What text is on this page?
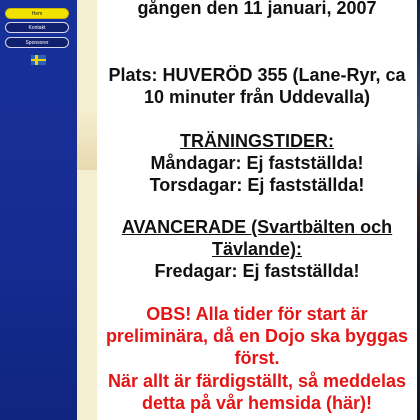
Hem
Kontakt
Sponsorer
gången den 11 januari, 2007
Plats: HUVERÖD 355 (Lane-Ryr, ca
10 minuter från Uddevalla)
TRÄNINGSTIDER:
Måndagar: Ej fastställda!
Torsdagar: Ej fastställda!
AVANCERADE (Svartbälten och
Tävlande):
Fredagar: Ej fastställda!
OBS! Alla tider för start är
preliminära, då en Dojo ska byggas
först.
När allt är färdigställt, så meddelas
detta på vår hemsida (här)!
